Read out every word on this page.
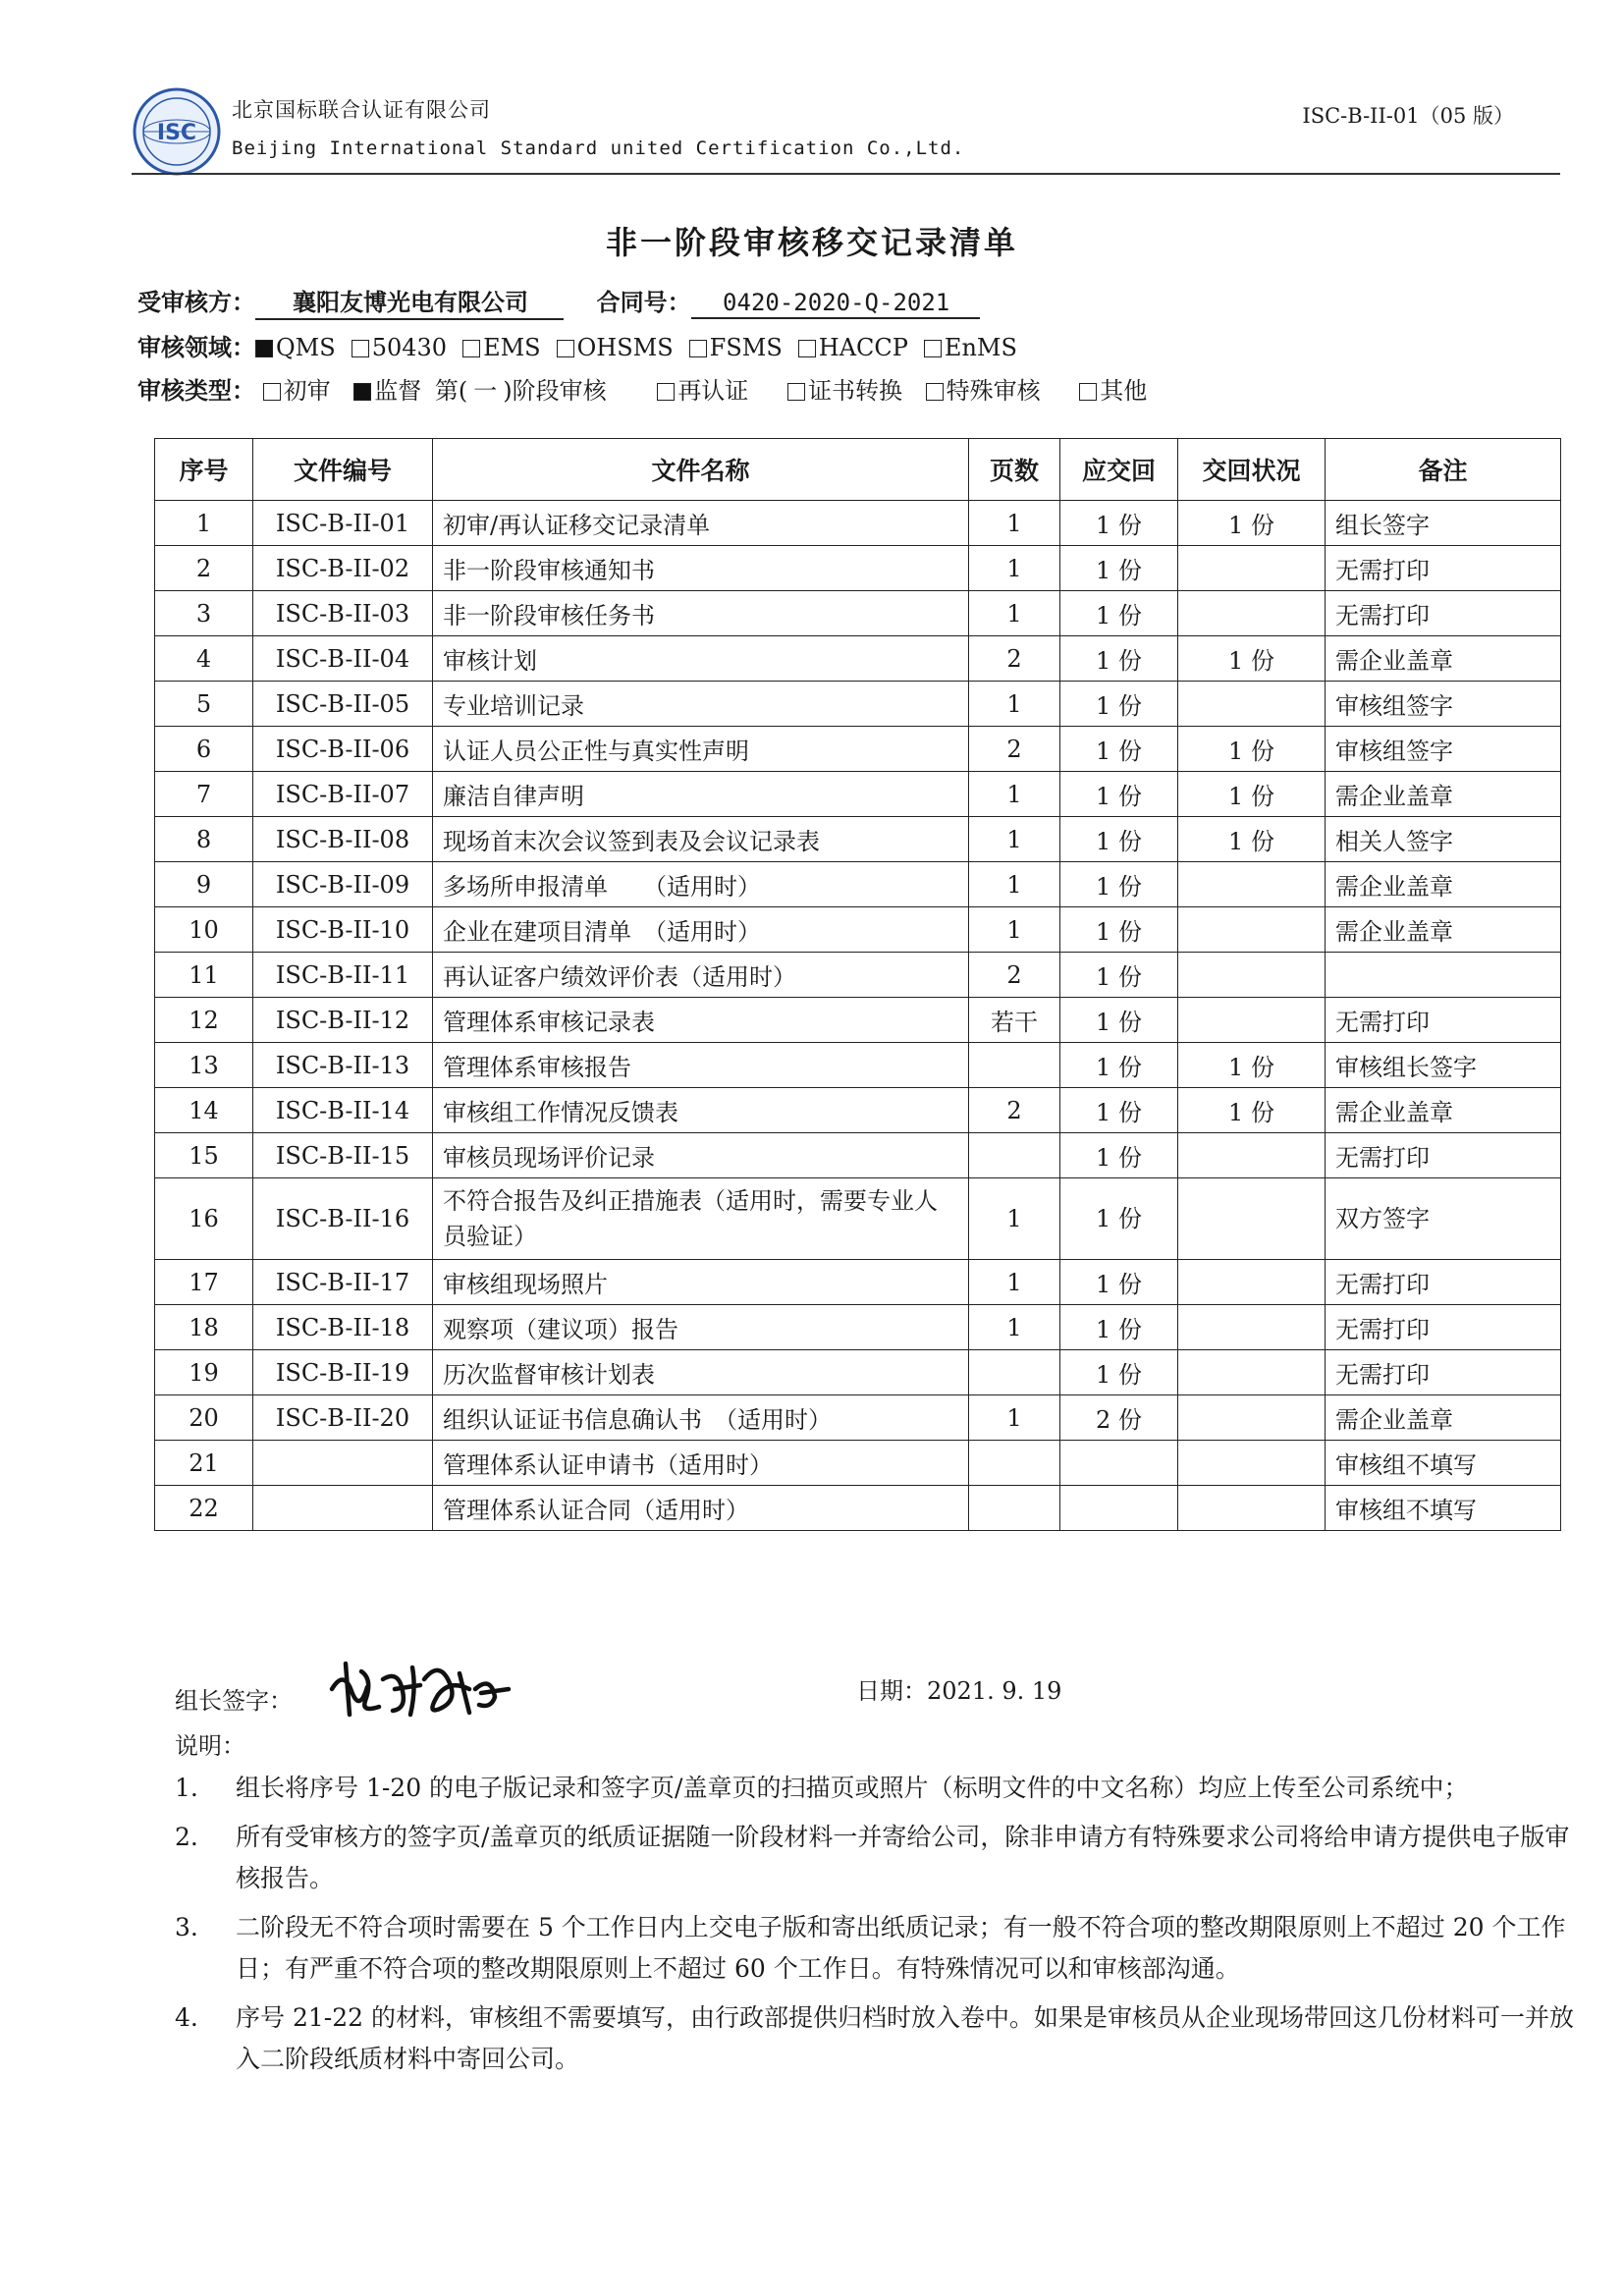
ISC
北京国标联合认证有限公司
Beijing International Standard united Certification Co.,Ltd.
ISC-B-II-01（05 版）
非一阶段审核移交记录清单
受审核方： 襄阳友博光电有限公司	合同号： 0420-2020-Q-2021
审核领域： QMS 50430 EMS OHSMS FSMS HACCP EnMS
审核类型： 初审 监督 第( 一 )阶段审核	再认证	证书转换 特殊审核	其他
序号	文件编号	文件名称	页数	应交回	交回状况	备注
1	ISC-B-II-01	初审/再认证移交记录清单	1	1 份	1 份	组长签字
2	ISC-B-II-02	非一阶段审核通知书	1	1 份		无需打印
3	ISC-B-II-03	非一阶段审核任务书	1	1 份		无需打印
4	ISC-B-II-04	审核计划	2	1 份	1 份	需企业盖章
5	ISC-B-II-05	专业培训记录	1	1 份		审核组签字
6	ISC-B-II-06	认证人员公正性与真实性声明	2	1 份	1 份	审核组签字
7	ISC-B-II-07	廉洁自律声明	1	1 份	1 份	需企业盖章
8	ISC-B-II-08	现场首末次会议签到表及会议记录表	1	1 份	1 份	相关人签字
9	ISC-B-II-09	多场所申报清单　　（适用时）	1	1 份		需企业盖章
10	ISC-B-II-10	企业在建项目清单　（适用时）	1	1 份		需企业盖章
11	ISC-B-II-11	再认证客户绩效评价表（适用时）	2	1 份		
12	ISC-B-II-12	管理体系审核记录表	若干	1 份		无需打印
13	ISC-B-II-13	管理体系审核报告		1 份	1 份	审核组长签字
14	ISC-B-II-14	审核组工作情况反馈表	2	1 份	1 份	需企业盖章
15	ISC-B-II-15	审核员现场评价记录		1 份		无需打印
16	ISC-B-II-16	不符合报告及纠正措施表（适用时，需要专业人员验证）	1	1 份		双方签字
17	ISC-B-II-17	审核组现场照片	1	1 份		无需打印
18	ISC-B-II-18	观察项（建议项）报告	1	1 份		无需打印
19	ISC-B-II-19	历次监督审核计划表		1 份		无需打印
20	ISC-B-II-20	组织认证证书信息确认书　（适用时）	1	2 份		需企业盖章
21		管理体系认证申请书（适用时）				审核组不填写
22		管理体系认证合同（适用时）				审核组不填写
组长签字：	日期：2021. 9. 19
说明：
1.	组长将序号 1-20 的电子版记录和签字页/盖章页的扫描页或照片（标明文件的中文名称）均应上传至公司系统中；
2.	所有受审核方的签字页/盖章页的纸质证据随一阶段材料一并寄给公司，除非申请方有特殊要求公司将给申请方提供电子版审核报告。
3.	二阶段无不符合项时需要在 5 个工作日内上交电子版和寄出纸质记录；有一般不符合项的整改期限原则上不超过 20 个工作日；有严重不符合项的整改期限原则上不超过 60 个工作日。有特殊情况可以和审核部沟通。
4.	序号 21-22 的材料，审核组不需要填写，由行政部提供归档时放入卷中。如果是审核员从企业现场带回这几份材料可一并放入二阶段纸质材料中寄回公司。
